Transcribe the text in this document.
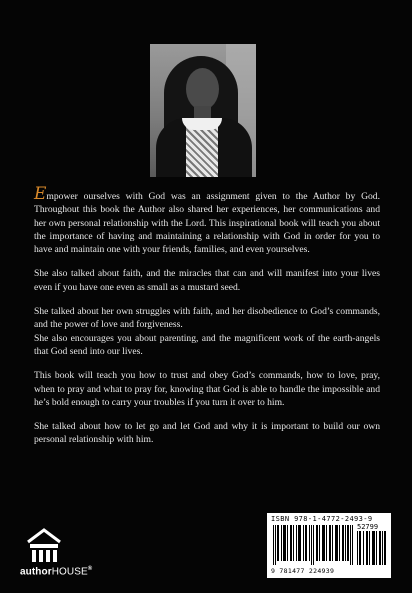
Empower ourselves with God was an assignment given to the Author by God. Throughout this book the Author also shared her experiences, her communications and her own personal relationship with the Lord. This inspirational book will teach you about the importance of having and maintaining a relationship with God in order for you to have and maintain one with your friends, families, and even yourselves.

She also talked about faith, and the miracles that can and will manifest into your lives even if you have one even as small as a mustard seed.

She talked about her own struggles with faith, and her disobedience to God’s commands, and the power of love and forgiveness.

She also encourages you about parenting, and the magnificent work of the earth-angels that God send into our lives.

This book will teach you how to trust and obey God’s commands, how to love, pray, when to pray and what to pray for, knowing that God is able to handle the impossible and he’s bold enough to carry your troubles if you turn it over to him.

She talked about how to let go and let God and why it is important to build our own personal relationship with him.

authorHOUSE®
ISBN 978-1-4772-2493-9
52799
9 781477 224939
